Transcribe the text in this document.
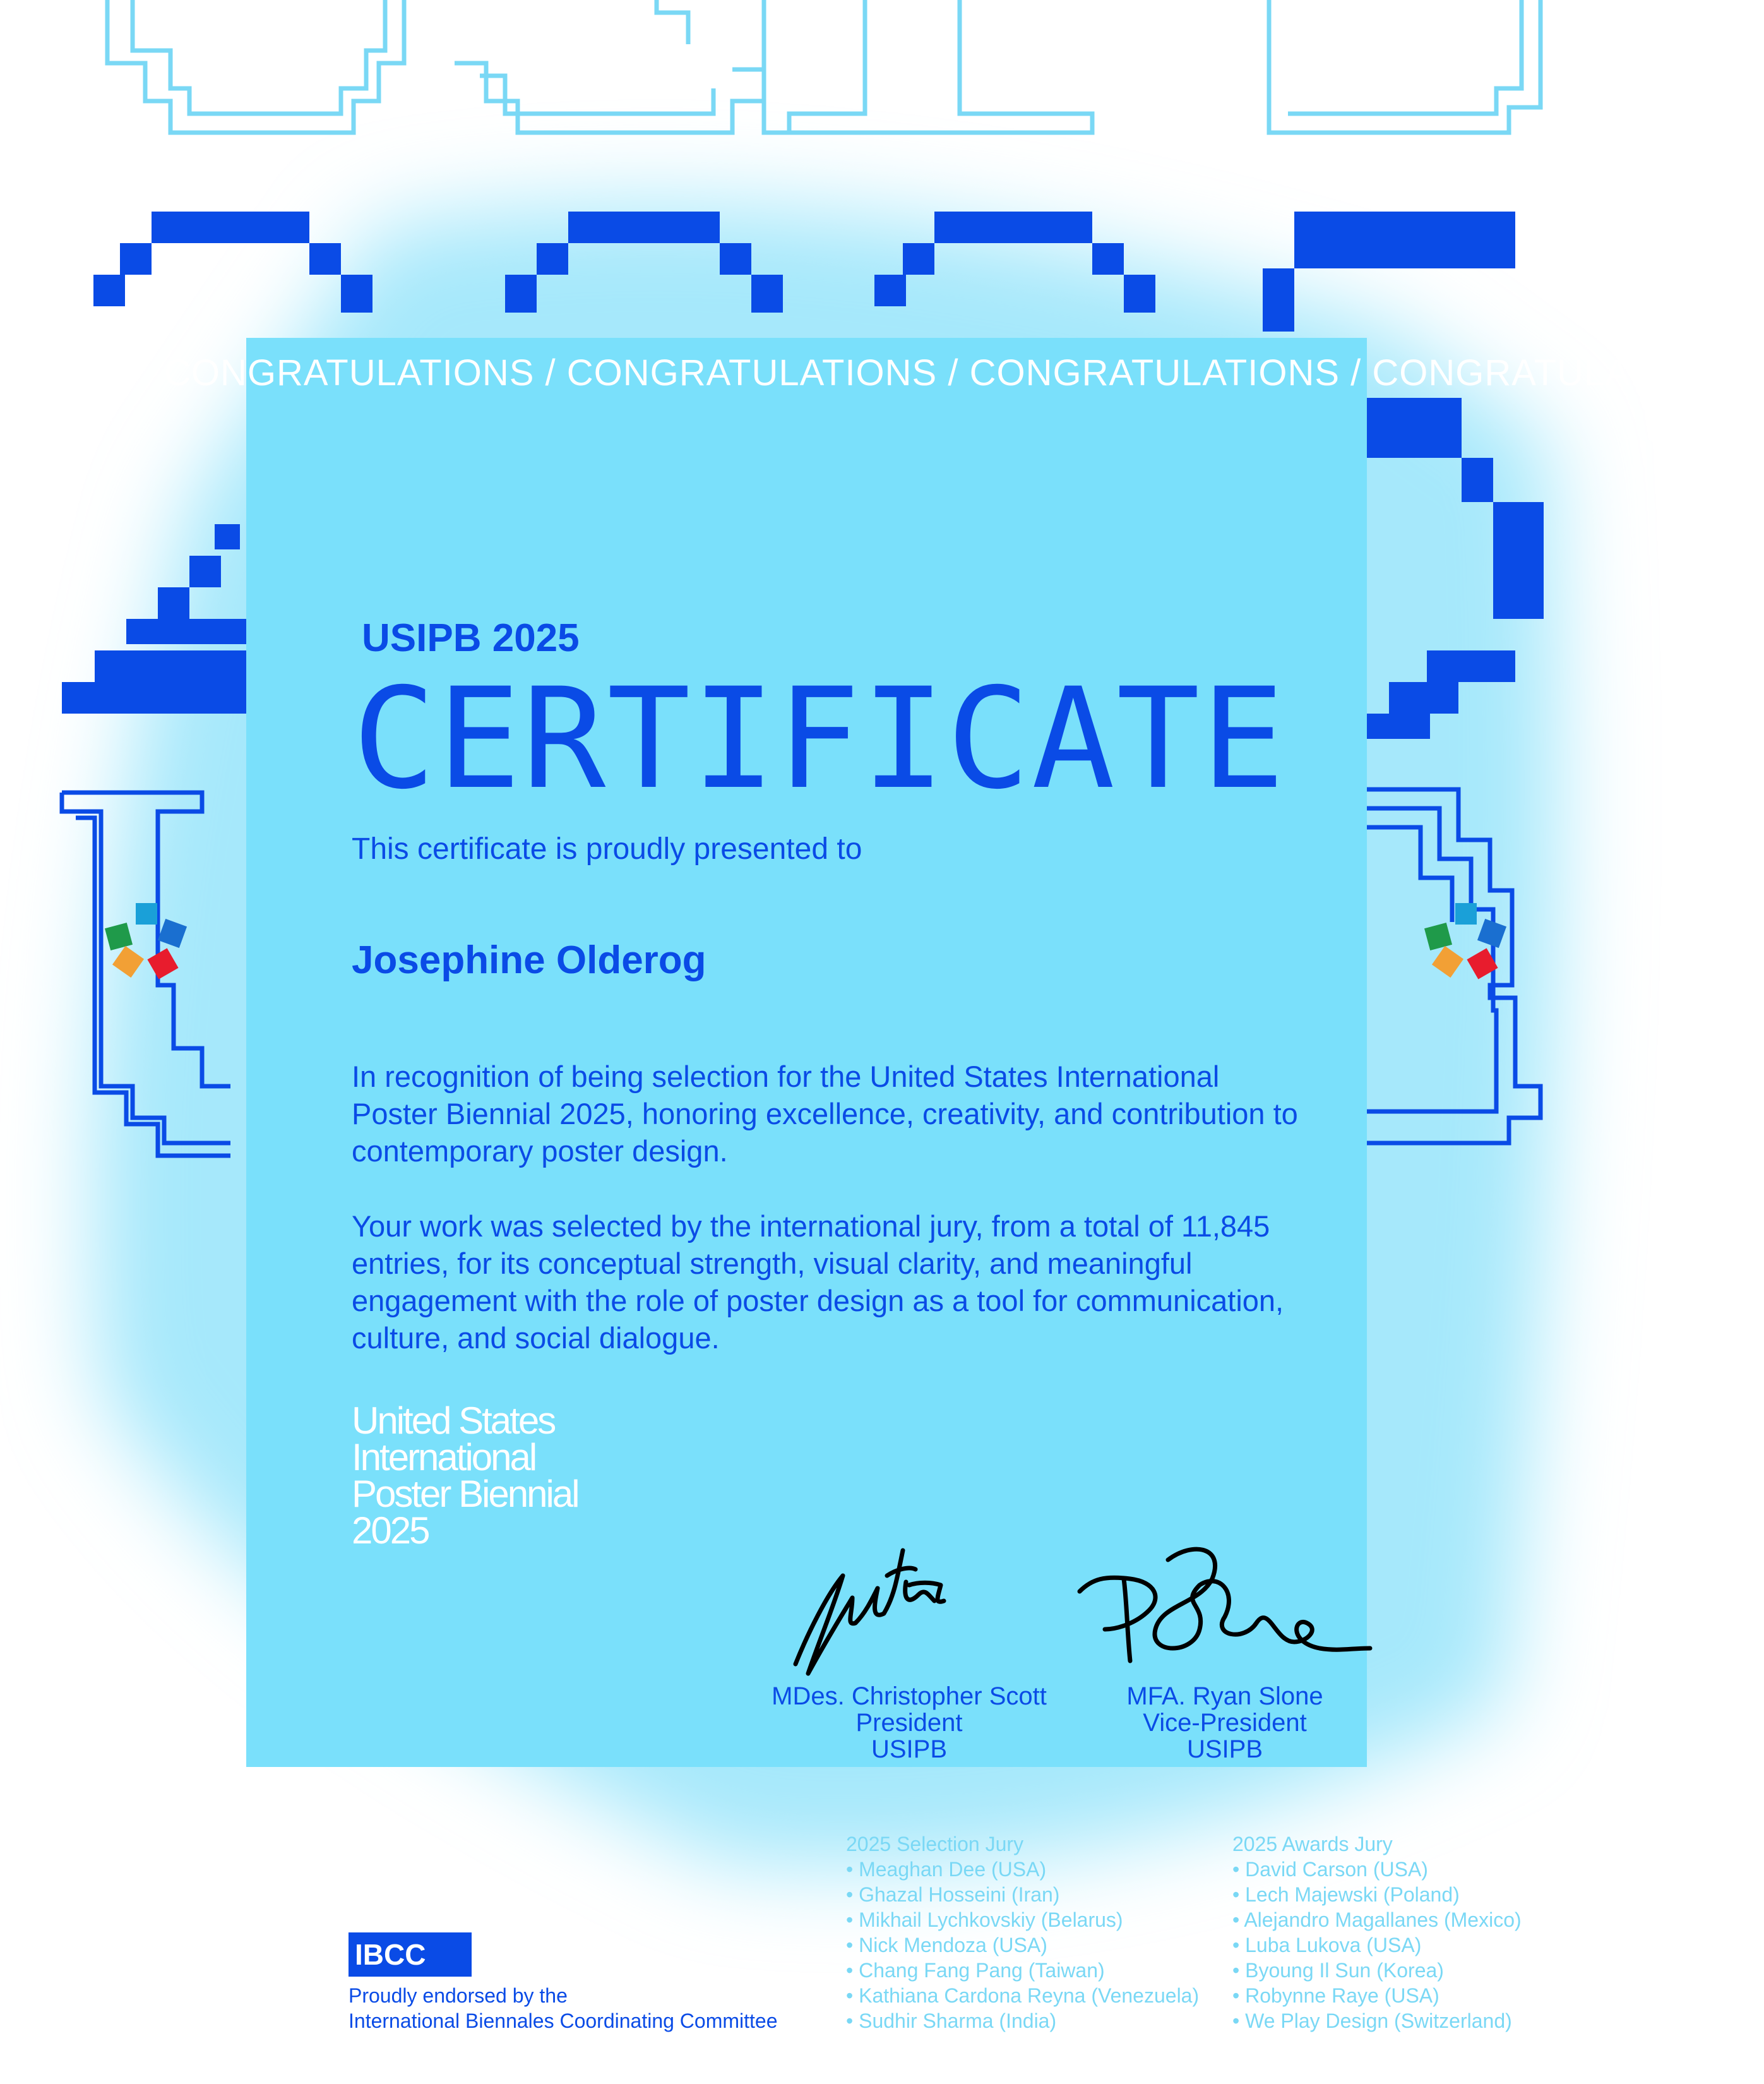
CONGRATULATIONS / CONGRATULATIONS / CONGRATULATIONS / CONGRATULATIONS /
USIPB 2025
CERTIFICATE
This certificate is proudly presented to
Josephine Olderog
In recognition of being selection for the United States International Poster Biennial 2025, honoring excellence, creativity, and contribution to contemporary poster design.
Your work was selected by the international jury, from a total of 11,845 entries, for its conceptual strength, visual clarity, and meaningful engagement with the role of poster design as a tool for communication, culture, and social dialogue.
United States
International
Poster Biennial
2025
MDes. Christopher Scott
President
USIPB
MFA. Ryan Slone
Vice-President
USIPB
2025 Selection Jury
• Meaghan Dee (USA)
• Ghazal Hosseini (Iran)
• Mikhail Lychkovskiy (Belarus)
• Nick Mendoza (USA)
• Chang Fang Pang (Taiwan)
• Kathiana Cardona Reyna (Venezuela)
• Sudhir Sharma (India)
2025 Awards Jury
• David Carson (USA)
• Lech Majewski (Poland)
• Alejandro Magallanes (Mexico)
• Luba Lukova (USA)
• Byoung Il Sun (Korea)
• Robynne Raye (USA)
• We Play Design (Switzerland)
IBCC
Proudly endorsed by the
International Biennales Coordinating Committee
